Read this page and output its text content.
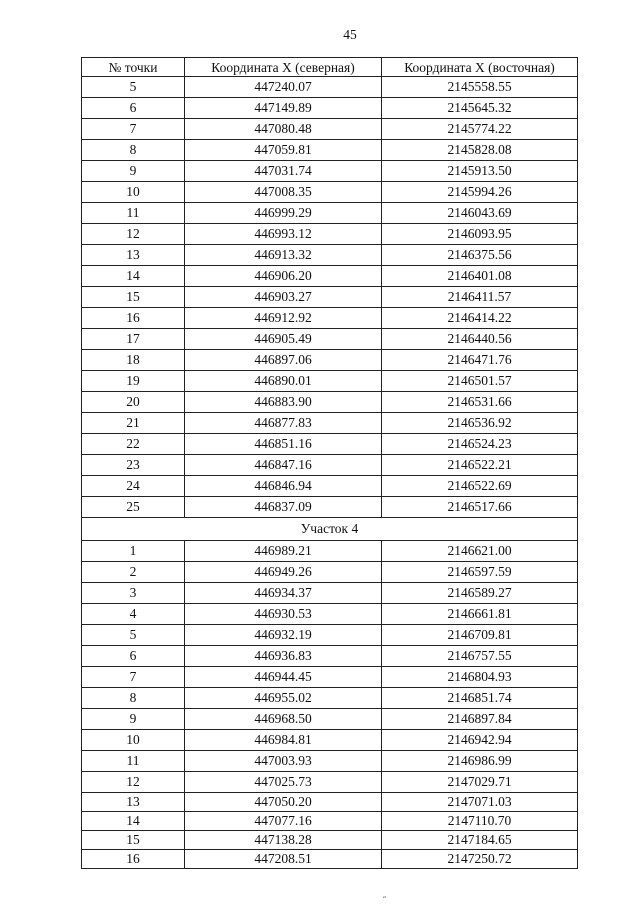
45
№ точки	Координата X (северная)	Координата X (восточная)
5	447240.07	2145558.55
6	447149.89	2145645.32
7	447080.48	2145774.22
8	447059.81	2145828.08
9	447031.74	2145913.50
10	447008.35	2145994.26
11	446999.29	2146043.69
12	446993.12	2146093.95
13	446913.32	2146375.56
14	446906.20	2146401.08
15	446903.27	2146411.57
16	446912.92	2146414.22
17	446905.49	2146440.56
18	446897.06	2146471.76
19	446890.01	2146501.57
20	446883.90	2146531.66
21	446877.83	2146536.92
22	446851.16	2146524.23
23	446847.16	2146522.21
24	446846.94	2146522.69
25	446837.09	2146517.66
Участок 4		
1	446989.21	2146621.00
2	446949.26	2146597.59
3	446934.37	2146589.27
4	446930.53	2146661.81
5	446932.19	2146709.81
6	446936.83	2146757.55
7	446944.45	2146804.93
8	446955.02	2146851.74
9	446968.50	2146897.84
10	446984.81	2146942.94
11	447003.93	2146986.99
12	447025.73	2147029.71
13	447050.20	2147071.03
14	447077.16	2147110.70
15	447138.28	2147184.65
16	447208.51	2147250.72
˶
